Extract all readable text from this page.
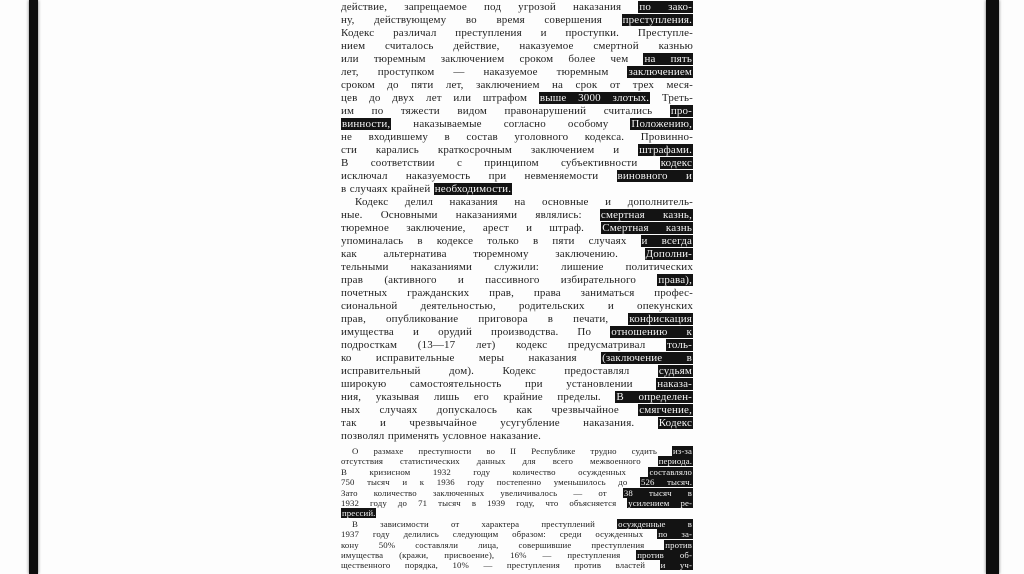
действие, запрещаемое под угрозой наказания по зако-
ну, действующему во время совершения преступления.
Кодекс различал преступления и проступки. Преступле-
нием считалось действие, наказуемое смертной казнью
или тюремным заключением сроком более чем на пять
лет, проступком — наказуемое тюремным заключением
сроком до пяти лет, заключением на срок от трех меся-
цев до двух лет или штрафом выше 3000 злотых. Треть-
им по тяжести видом правонарушений считались про-
винности, наказываемые согласно особому Положению,
не входившему в состав уголовного кодекса. Провинно-
сти карались краткосрочным заключением и штрафами.
В соответствии с принципом субъективности кодекс
исключал наказуемость при невменяемости виновного и
в случаях крайней необходимости.
Кодекс делил наказания на основные и дополнитель-
ные. Основными наказаниями являлись: смертная казнь,
тюремное заключение, арест и штраф. Смертная казнь
упоминалась в кодексе только в пяти случаях и всегда
как альтернатива тюремному заключению. Дополни-
тельными наказаниями служили: лишение политических
прав (активного и пассивного избирательного права),
почетных гражданских прав, права заниматься профес-
сиональной деятельностью, родительских и опекунских
прав, опубликование приговора в печати, конфискация
имущества и орудий производства. По отношению к
подросткам (13—17 лет) кодекс предусматривал толь-
ко исправительные меры наказания (заключение в
исправительный дом). Кодекс предоставлял судьям
широкую самостоятельность при установлении наказа-
ния, указывая лишь его крайние пределы. В определен-
ных случаях допускалось как чрезвычайное смягчение,
так и чрезвычайное усугубление наказания. Кодекс
позволял применять условное наказание.
О размахе преступности во II Республике трудно судить из-за
отсутствия статистических данных для всего межвоенного периода.
В кризисном 1932 году количество осужденных составляло
750 тысяч и к 1936 году постепенно уменьшилось до 526 тысяч.
Зато количество заключенных увеличивалось — от 38 тысяч в
1932 году до 71 тысяч в 1939 году, что объясняется усилением ре-
прессий.
В зависимости от характера преступлений осужденные в
1937 году делились следующим образом: среди осужденных по за-
кону 50% составляли лица, совершившие преступления против
имущества (кражи, присвоение), 16% — преступления против об-
щественного порядка, 10% — преступления против властей и уч-
